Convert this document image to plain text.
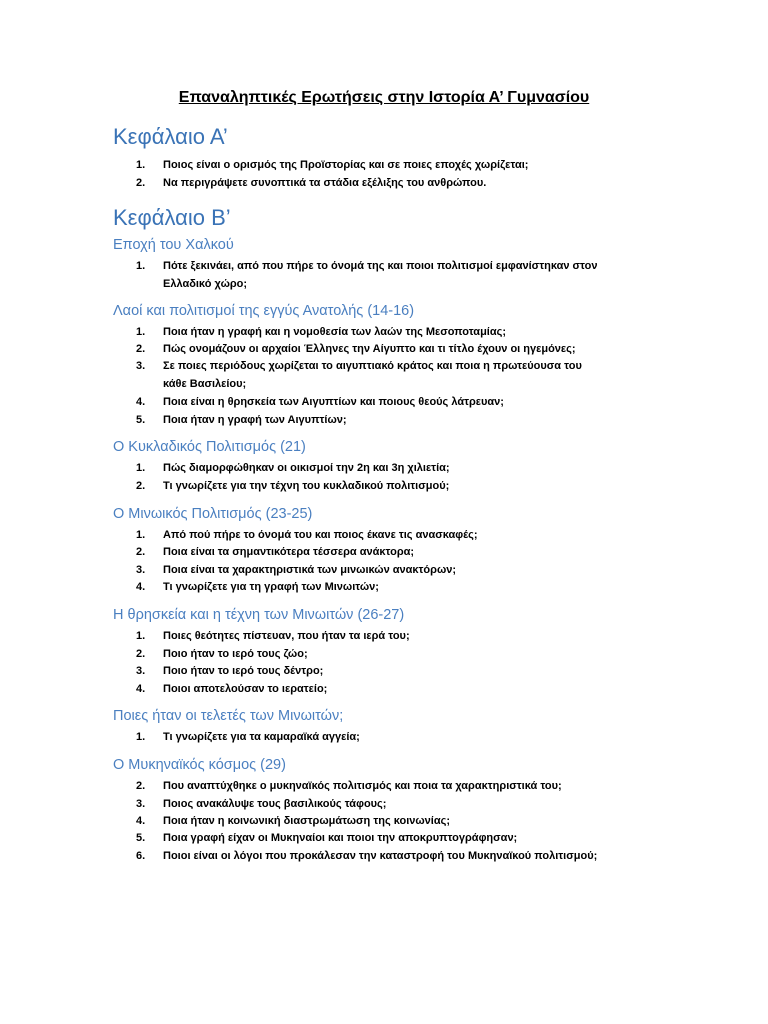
Επαναληπτικές Ερωτήσεις στην Ιστορία Α’ Γυμνασίου
Κεφάλαιο Α’
1.	Ποιος είναι ο ορισμός της Προϊστορίας και σε ποιες εποχές χωρίζεται;
2.	Να περιγράψετε συνοπτικά τα στάδια εξέλιξης του ανθρώπου.
Κεφάλαιο Β’
Εποχή του Χαλκού
1.	Πότε ξεκινάει, από που πήρε το όνομά της και ποιοι πολιτισμοί εμφανίστηκαν στον
Ελλαδικό χώρο;
Λαοί και πολιτισμοί της εγγύς Ανατολής (14-16)
1.	Ποια ήταν η γραφή και η νομοθεσία των λαών της Μεσοποταμίας;
2.	Πώς ονομάζουν οι αρχαίοι Έλληνες την Αίγυπτο και τι τίτλο έχουν οι ηγεμόνες;
3.	Σε ποιες περιόδους χωρίζεται το αιγυπτιακό κράτος και ποια η πρωτεύουσα του
κάθε Βασιλείου;
4.	Ποια είναι η θρησκεία των Αιγυπτίων και ποιους θεούς λάτρευαν;
5.	Ποια ήταν η γραφή των Αιγυπτίων;
Ο Κυκλαδικός Πολιτισμός (21)
1.	Πώς διαμορφώθηκαν οι οικισμοί την 2η και 3η χιλιετία;
2.	Τι γνωρίζετε για την τέχνη του κυκλαδικού πολιτισμού;
Ο Μινωικός Πολιτισμός (23-25)
1.	Από πού πήρε το όνομά του και ποιος έκανε τις ανασκαφές;
2.	Ποια είναι τα σημαντικότερα τέσσερα ανάκτορα;
3.	Ποια είναι τα χαρακτηριστικά των μινωικών ανακτόρων;
4.	Τι γνωρίζετε για τη γραφή των Μινωιτών;
Η θρησκεία και η τέχνη των Μινωιτών (26-27)
1.	Ποιες θεότητες πίστευαν, που ήταν τα ιερά του;
2.	Ποιο ήταν το ιερό τους ζώο;
3.	Ποιο ήταν το ιερό τους δέντρο;
4.	Ποιοι αποτελούσαν το ιερατείο;
Ποιες ήταν οι τελετές των Μινωιτών;
1.	Τι γνωρίζετε για τα καμαραϊκά αγγεία;
Ο Μυκηναϊκός κόσμος (29)
2.	Που αναπτύχθηκε ο μυκηναϊκός πολιτισμός και ποια τα χαρακτηριστικά του;
3.	Ποιος ανακάλυψε τους βασιλικούς τάφους;
4.	Ποια ήταν η κοινωνική διαστρωμάτωση της κοινωνίας;
5.	Ποια γραφή είχαν οι Μυκηναίοι και ποιοι την αποκρυπτογράφησαν;
6.	Ποιοι είναι οι λόγοι που προκάλεσαν την καταστροφή του Μυκηναϊκού πολιτισμού;
